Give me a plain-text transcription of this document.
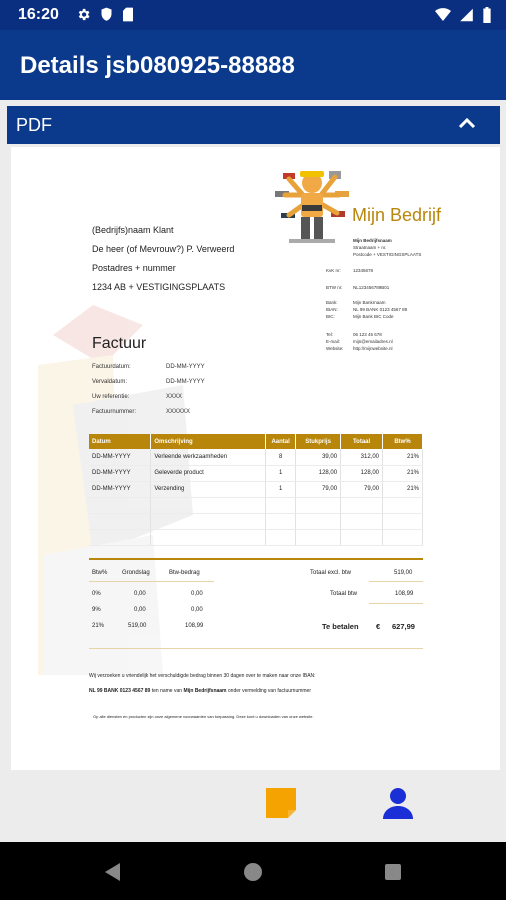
16:20
Details jsb080925-88888
PDF
Mijn Bedrijf
Mijn Bedrijfsnaam
Straatnaam + nr.
Postcode + VESTIGINGSPLAATS
KvK nr:	12345678
BTW nr: NL123456789B01
Bank:	Mijn Bankrnaam
IBAN:	NL 99 BANK 0123 4567 89
BIC:	Mijn Bank BIC Code
Tel:	06 123 45 678
E-mail:	mijn@emailadres.nl
Website: http://mijnwebsite.nl
(Bedrijfs)naam Klant
De heer (of Mevrouw?) P. Verweerd
Postadres + nummer
1234 AB + VESTIGINGSPLAATS
Factuur
Factuurdatum:	DD-MM-YYYY
Vervaldatum:	DD-MM-YYYY
Uw referentie:	XXXX
Factuurnummer:	XXXXXX
Datum	Omschrijving	Aantal	Stukprijs	Totaal	Btw%
DD-MM-YYYY	Verleende werkzaamheden	8	39,00	312,00	21%
DD-MM-YYYY	Geleverde product	1	128,00	128,00	21%
DD-MM-YYYY	Verzending	1	79,00	79,00	21%

Btw% Grondslag	Btw-bedrag
0%	0,00	0,00
9%	0,00	0,00
21%	519,00	108,99
Totaal excl. btw	519,00
Totaal btw	108,99
Te betalen € 627,99
Wij verzoeken u vriendelijk het verschuldigde bedrag binnen 30 dagen over te maken naar onze IBAN:
NL 99 BANK 0123 4567 89 ten name van Mijn Bedrijfsnaam onder vermelding van factuurnummer
Op alle diensten en producten zijn onze algemene voorwaarden van toepassing. Deze kunt u downloaden van onze website.
